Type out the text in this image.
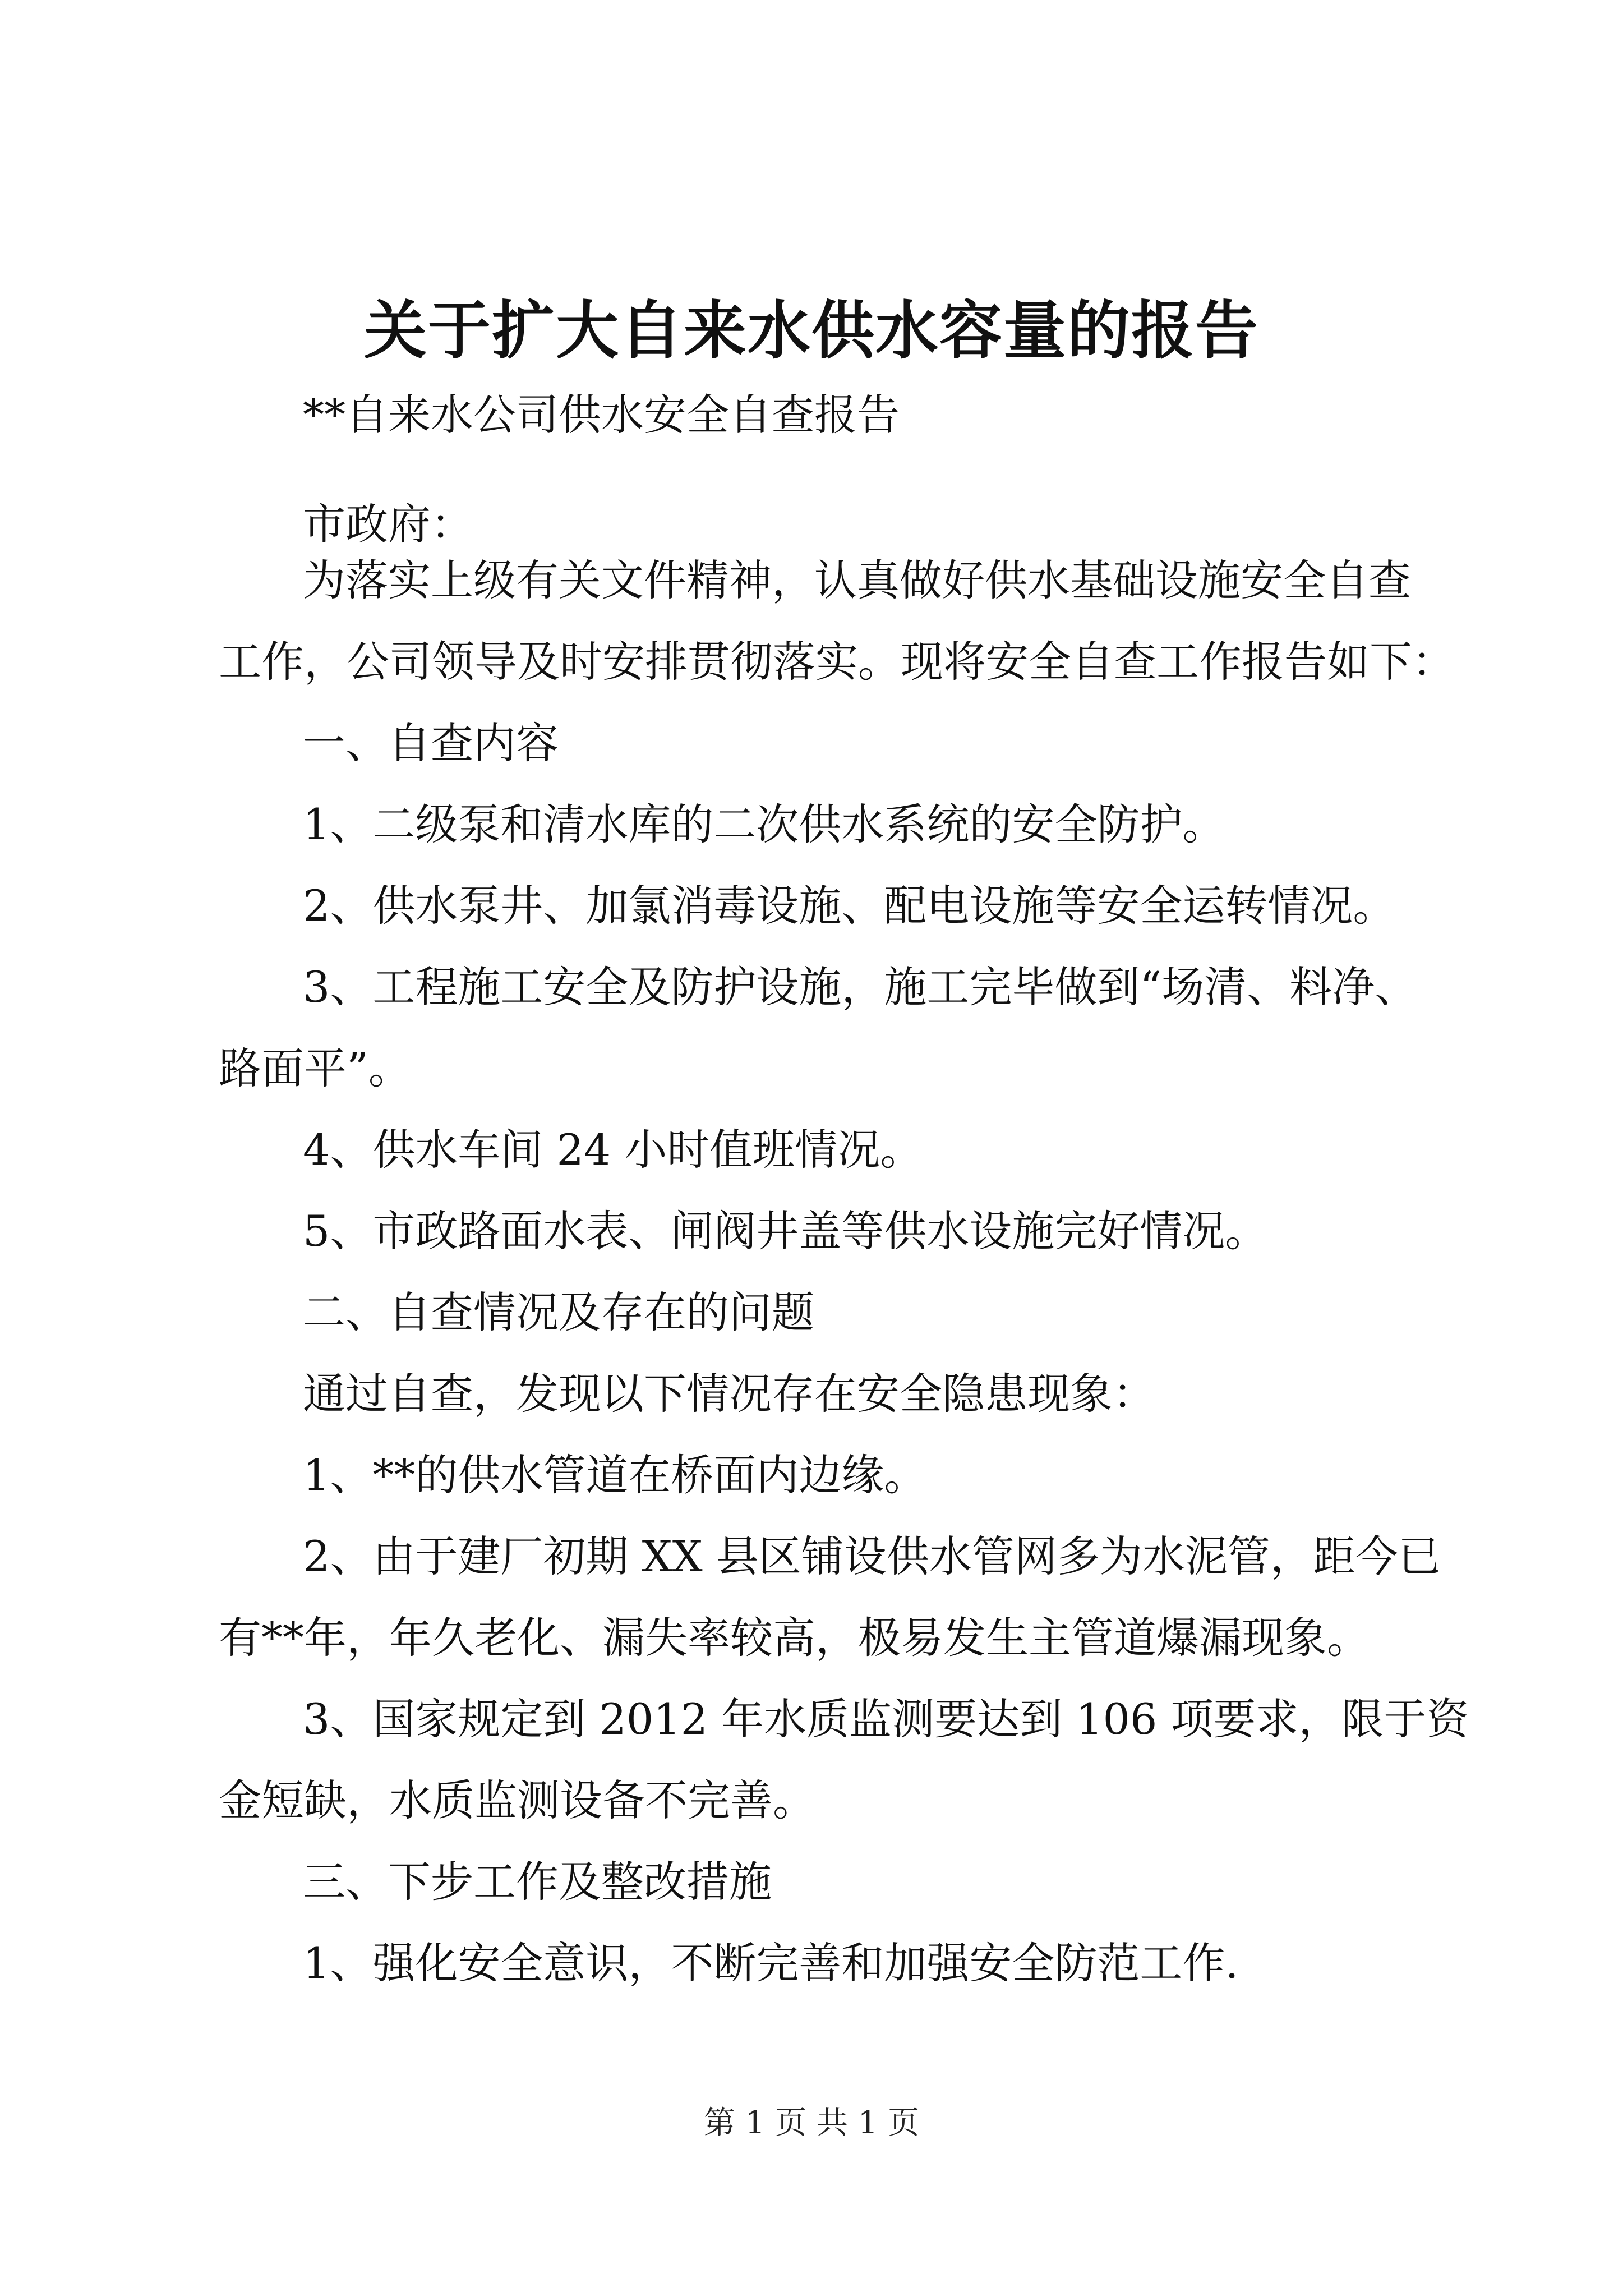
关于扩大自来水供水容量的报告
**自来水公司供水安全自查报告
市政府：
为落实上级有关文件精神，认真做好供水基础设施安全自查
工作，公司领导及时安排贯彻落实。现将安全自查工作报告如下：
一、自查内容
1、二级泵和清水库的二次供水系统的安全防护。
2、供水泵井、加氯消毒设施、配电设施等安全运转情况。
3、工程施工安全及防护设施，施工完毕做到“场清、料净、
路面平”。
4、供水车间 24 小时值班情况。
5、市政路面水表、闸阀井盖等供水设施完好情况。
二、自查情况及存在的问题
通过自查，发现以下情况存在安全隐患现象：
1、**的供水管道在桥面内边缘。
2、由于建厂初期 XX 县区铺设供水管网多为水泥管，距今已
有**年，年久老化、漏失率较高，极易发生主管道爆漏现象。
3、国家规定到 2012 年水质监测要达到 106 项要求，限于资
金短缺，水质监测设备不完善。
三、下步工作及整改措施
1、强化安全意识，不断完善和加强安全防范工作.
第 1 页 共 1 页
